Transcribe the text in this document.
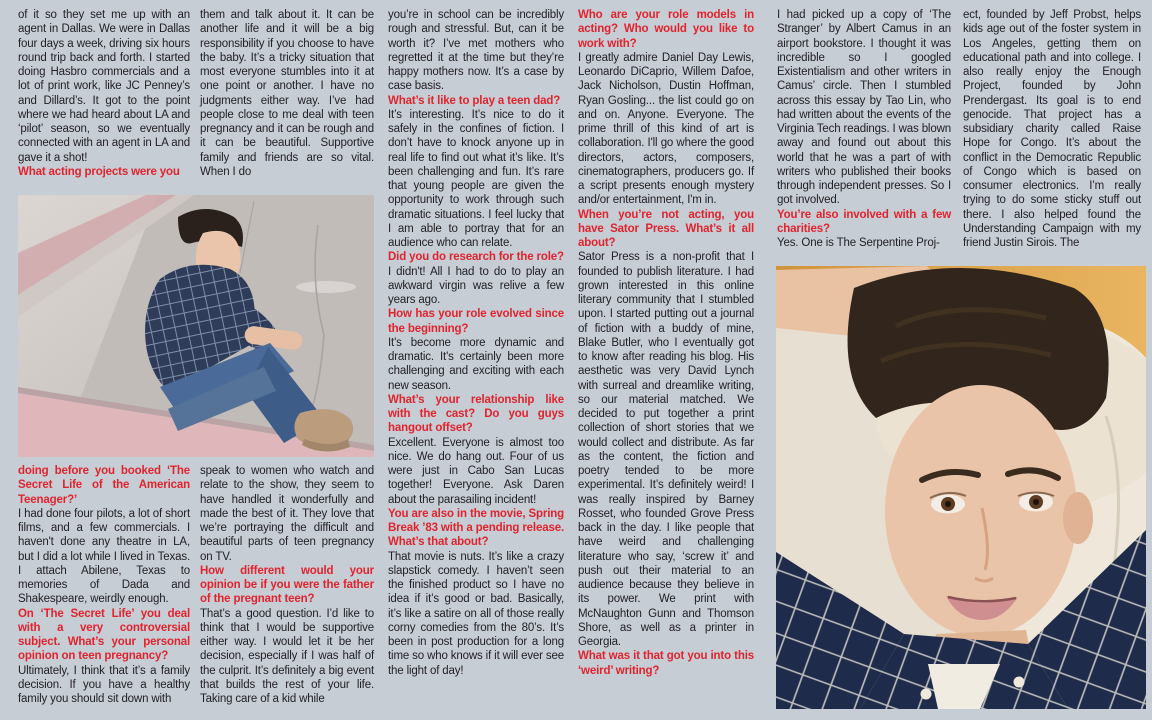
of it so they set me up with an agent in Dallas. We were in Dallas four days a week, driving six hours round trip back and forth. I started doing Hasbro commercials and a lot of print work, like JC Penney’s and Dillard’s. It got to the point where we had heard about LA and ‘pilot’ season, so we eventually connected with an agent in LA and gave it a shot!

What acting projects were you

them and talk about it. It can be another life and it will be a big responsibility if you choose to have the baby. It’s a tricky situation that most everyone stumbles into it at one point or another. I have no judgments either way. I’ve had people close to me deal with teen pregnancy and it can be rough and it can be beautiful. Supportive family and friends are so vital. When I do

you’re in school can be incredibly rough and stressful. But, can it be worth it? I’ve met mothers who regretted it at the time but they’re happy mothers now. It’s a case by case basis.

What’s it like to play a teen dad?

It’s interesting. It’s nice to do it safely in the confines of fiction. I don’t have to knock anyone up in real life to find out what it’s like. It’s been challenging and fun. It’s rare that young people are given the opportunity to work through such dramatic situations. I feel lucky that I am able to portray that for an audience who can relate.

Did you do research for the role?

I didn't! All I had to do to play an awkward virgin was relive a few years ago.

How has your role evolved since the beginning?

It's become more dynamic and dramatic. It's certainly been more challenging and exciting with each new season.

What’s your relationship like with the cast? Do you guys hangout offset?

Excellent. Everyone is almost too nice. We do hang out. Four of us were just in Cabo San Lucas together! Everyone. Ask Daren about the parasailing incident!

You are also in the movie, Spring Break ’83 with a pending release. What’s that about?

That movie is nuts. It’s like a crazy slapstick comedy. I haven’t seen the finished product so I have no idea if it’s good or bad. Basically, it’s like a satire on all of those really corny comedies from the 80’s. It’s been in post production for a long time so who knows if it will ever see the light of day!

Who are your role models in acting? Who would you like to work with?

I greatly admire Daniel Day Lewis, Leonardo DiCaprio, Willem Dafoe, Jack Nicholson, Dustin Hoffman, Ryan Gosling... the list could go on and on. Anyone. Everyone. The prime thrill of this kind of art is collaboration. I'll go where the good directors, actors, composers, cinematographers, producers go. If a script presents enough mystery and/or entertainment, I'm in.

When you’re not acting, you have Sator Press. What’s it all about?

Sator Press is a non-profit that I founded to publish literature. I had grown interested in this online literary community that I stumbled upon. I started putting out a journal of fiction with a buddy of mine, Blake Butler, who I eventually got to know after reading his blog. His aesthetic was very David Lynch with surreal and dreamlike writing, so our material matched. We decided to put together a print collection of short stories that we would collect and distribute. As far as the content, the fiction and poetry tended to be more experimental. It’s definitely weird! I was really inspired by Barney Rosset, who founded Grove Press back in the day. I like people that have weird and challenging literature who say, ‘screw it’ and push out their material to an audience because they believe in its power. We print with McNaughton Gunn and Thomson Shore, as well as a printer in Georgia.

What was it that got you into this ‘weird’ writing?

I had picked up a copy of ‘The Stranger’ by Albert Camus in an airport bookstore. I thought it was incredible so I googled Existentialism and other writers in Camus’ circle. Then I stumbled across this essay by Tao Lin, who had written about the events of the Virginia Tech readings. I was blown away and found out about this world that he was a part of with writers who published their books through independent presses. So I got involved.

You’re also involved with a few charities?

Yes. One is The Serpentine Proj-

ect, founded by Jeff Probst, helps kids age out of the foster system in Los Angeles, getting them on educational path and into college. I also really enjoy the Enough Project, founded by John Prendergast. Its goal is to end genocide. That project has a subsidiary charity called Raise Hope for Congo. It’s about the conflict in the Democratic Republic of Congo which is based on consumer electronics. I’m really trying to do some sticky stuff out there. I also helped found the Understanding Campaign with my friend Justin Sirois. The

doing before you booked ‘The Secret Life of the American Teenager?’

I had done four pilots, a lot of short films, and a few commercials. I haven't done any theatre in LA, but I did a lot while I lived in Texas. I attach Abilene, Texas to memories of Dada and Shakespeare, weirdly enough.

On ‘The Secret Life’ you deal with a very controversial subject. What’s your personal opinion on teen pregnancy?

Ultimately, I think that it’s a family decision. If you have a healthy family you should sit down with

speak to women who watch and relate to the show, they seem to have handled it wonderfully and made the best of it. They love that we’re portraying the difficult and beautiful parts of teen pregnancy on TV.

How different would your opinion be if you were the father of the pregnant teen?

That’s a good question. I’d like to think that I would be supportive either way. I would let it be her decision, especially if I was half of the culprit. It’s definitely a big event that builds the rest of your life. Taking care of a kid while
